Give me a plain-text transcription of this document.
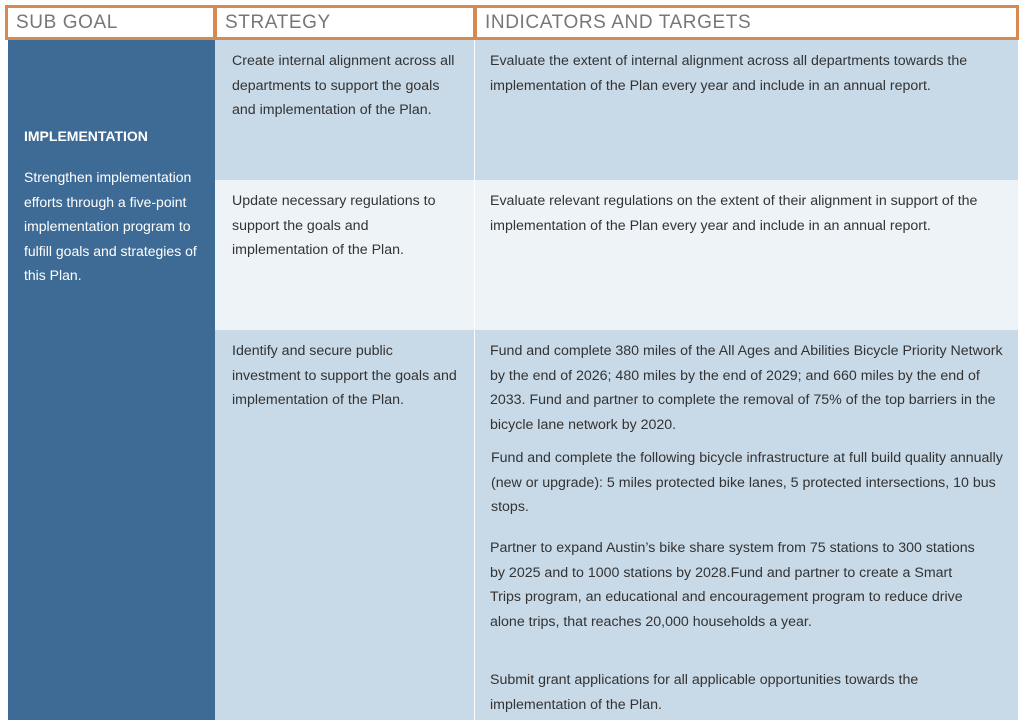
SUB GOAL	STRATEGY	INDICATORS AND TARGETS
IMPLEMENTATION
Strengthen implementation efforts through a five-point implementation program to fulfill goals and strategies of this Plan.
Create internal alignment across all departments to support the goals and implementation of the Plan.
Evaluate the extent of internal alignment across all departments towards the implementation of the Plan every year and include in an annual report.
Update necessary regulations to support the goals and implementation of the Plan.
Evaluate relevant regulations on the extent of their alignment in support of the implementation of the Plan every year and include in an annual report.
Identify and secure public investment to support the goals and implementation of the Plan.
Fund and complete 380 miles of the All Ages and Abilities Bicycle Priority Network by the end of 2026; 480 miles by the end of 2029; and 660 miles by the end of 2033. Fund and partner to complete the removal of 75% of the top barriers in the bicycle lane network by 2020.
Fund and complete the following bicycle infrastructure at full build quality annually (new or upgrade): 5 miles protected bike lanes, 5 protected intersections, 10 bus stops.
Partner to expand Austin’s bike share system from 75 stations to 300 stations by 2025 and to 1000 stations by 2028.Fund and partner to create a Smart Trips program, an educational and encouragement program to reduce drive alone trips, that reaches 20,000 households a year.
Submit grant applications for all applicable opportunities towards the implementation of the Plan.
